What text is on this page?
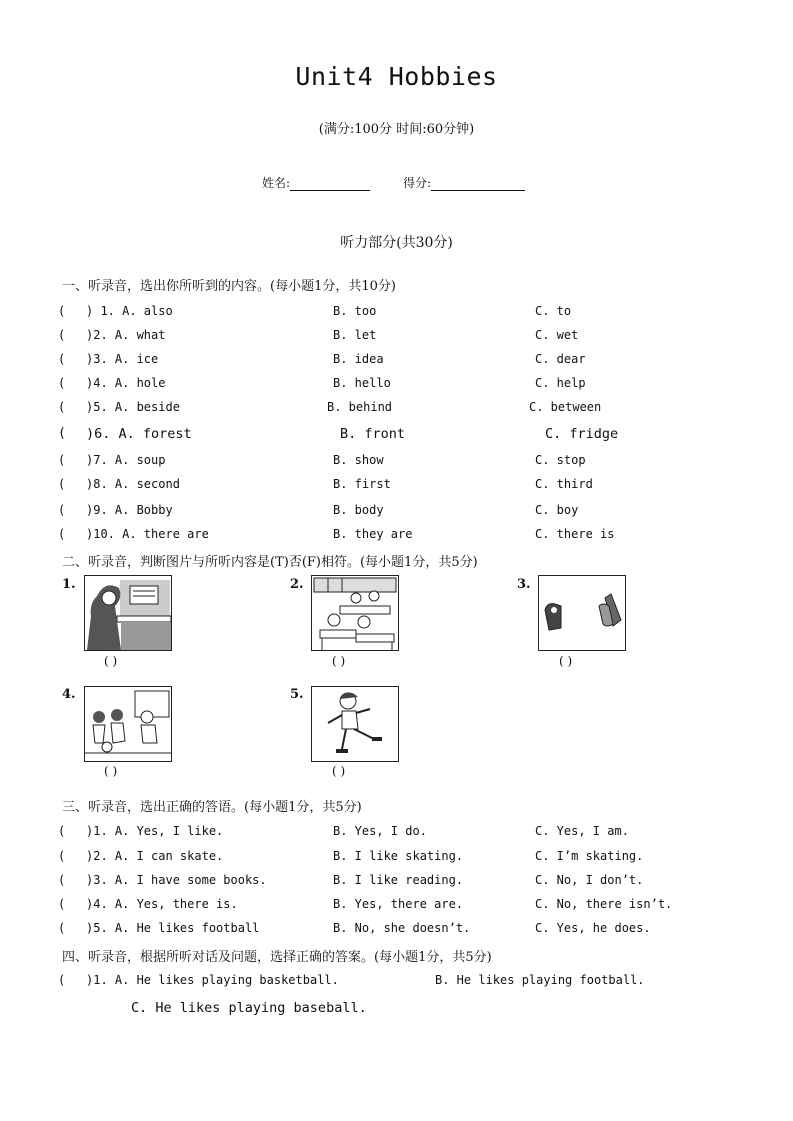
Unit4 Hobbies
(满分:100分 时间:60分钟)
姓名:	得分:
听力部分(共30分)
一、听录音，选出你所听到的内容。(每小题1分，共10分)
( ) 1. A. also	B. too	C. to
( )2. A. what	B. let	C. wet
( )3. A. ice	B. idea	C. dear
( )4. A. hole	B. hello	C. help
( )5. A. beside	B. behind	C. between
( )6. A. forest	B. front	C. fridge
( )7. A. soup	B. show	C. stop
( )8. A. second	B. first	C. third
( )9. A. Bobby	B. body	C. boy
( )10. A. there are	B. they are	C. there is
二、听录音，判断图片与所听内容是(T)否(F)相符。(每小题1分，共5分)
1.
( )
2.
( )
3.
( )
4.
( )
5.
( )
三、听录音，选出正确的答语。(每小题1分，共5分)
( )1. A. Yes, I like.	B. Yes, I do.	C. Yes, I am.
( )2. A. I can skate.	B. I like skating.	C. I’m skating.
( )3. A. I have some books.	B. I like reading.	C. No, I don’t.
( )4. A. Yes, there is.	B. Yes, there are.	C. No, there isn’t.
( )5. A. He likes football	B. No, she doesn’t.	C. Yes, he does.
四、听录音，根据所听对话及问题，选择正确的答案。(每小题1分，共5分)
( )1. A. He likes playing basketball.	B. He likes playing football.
C. He likes playing baseball.
